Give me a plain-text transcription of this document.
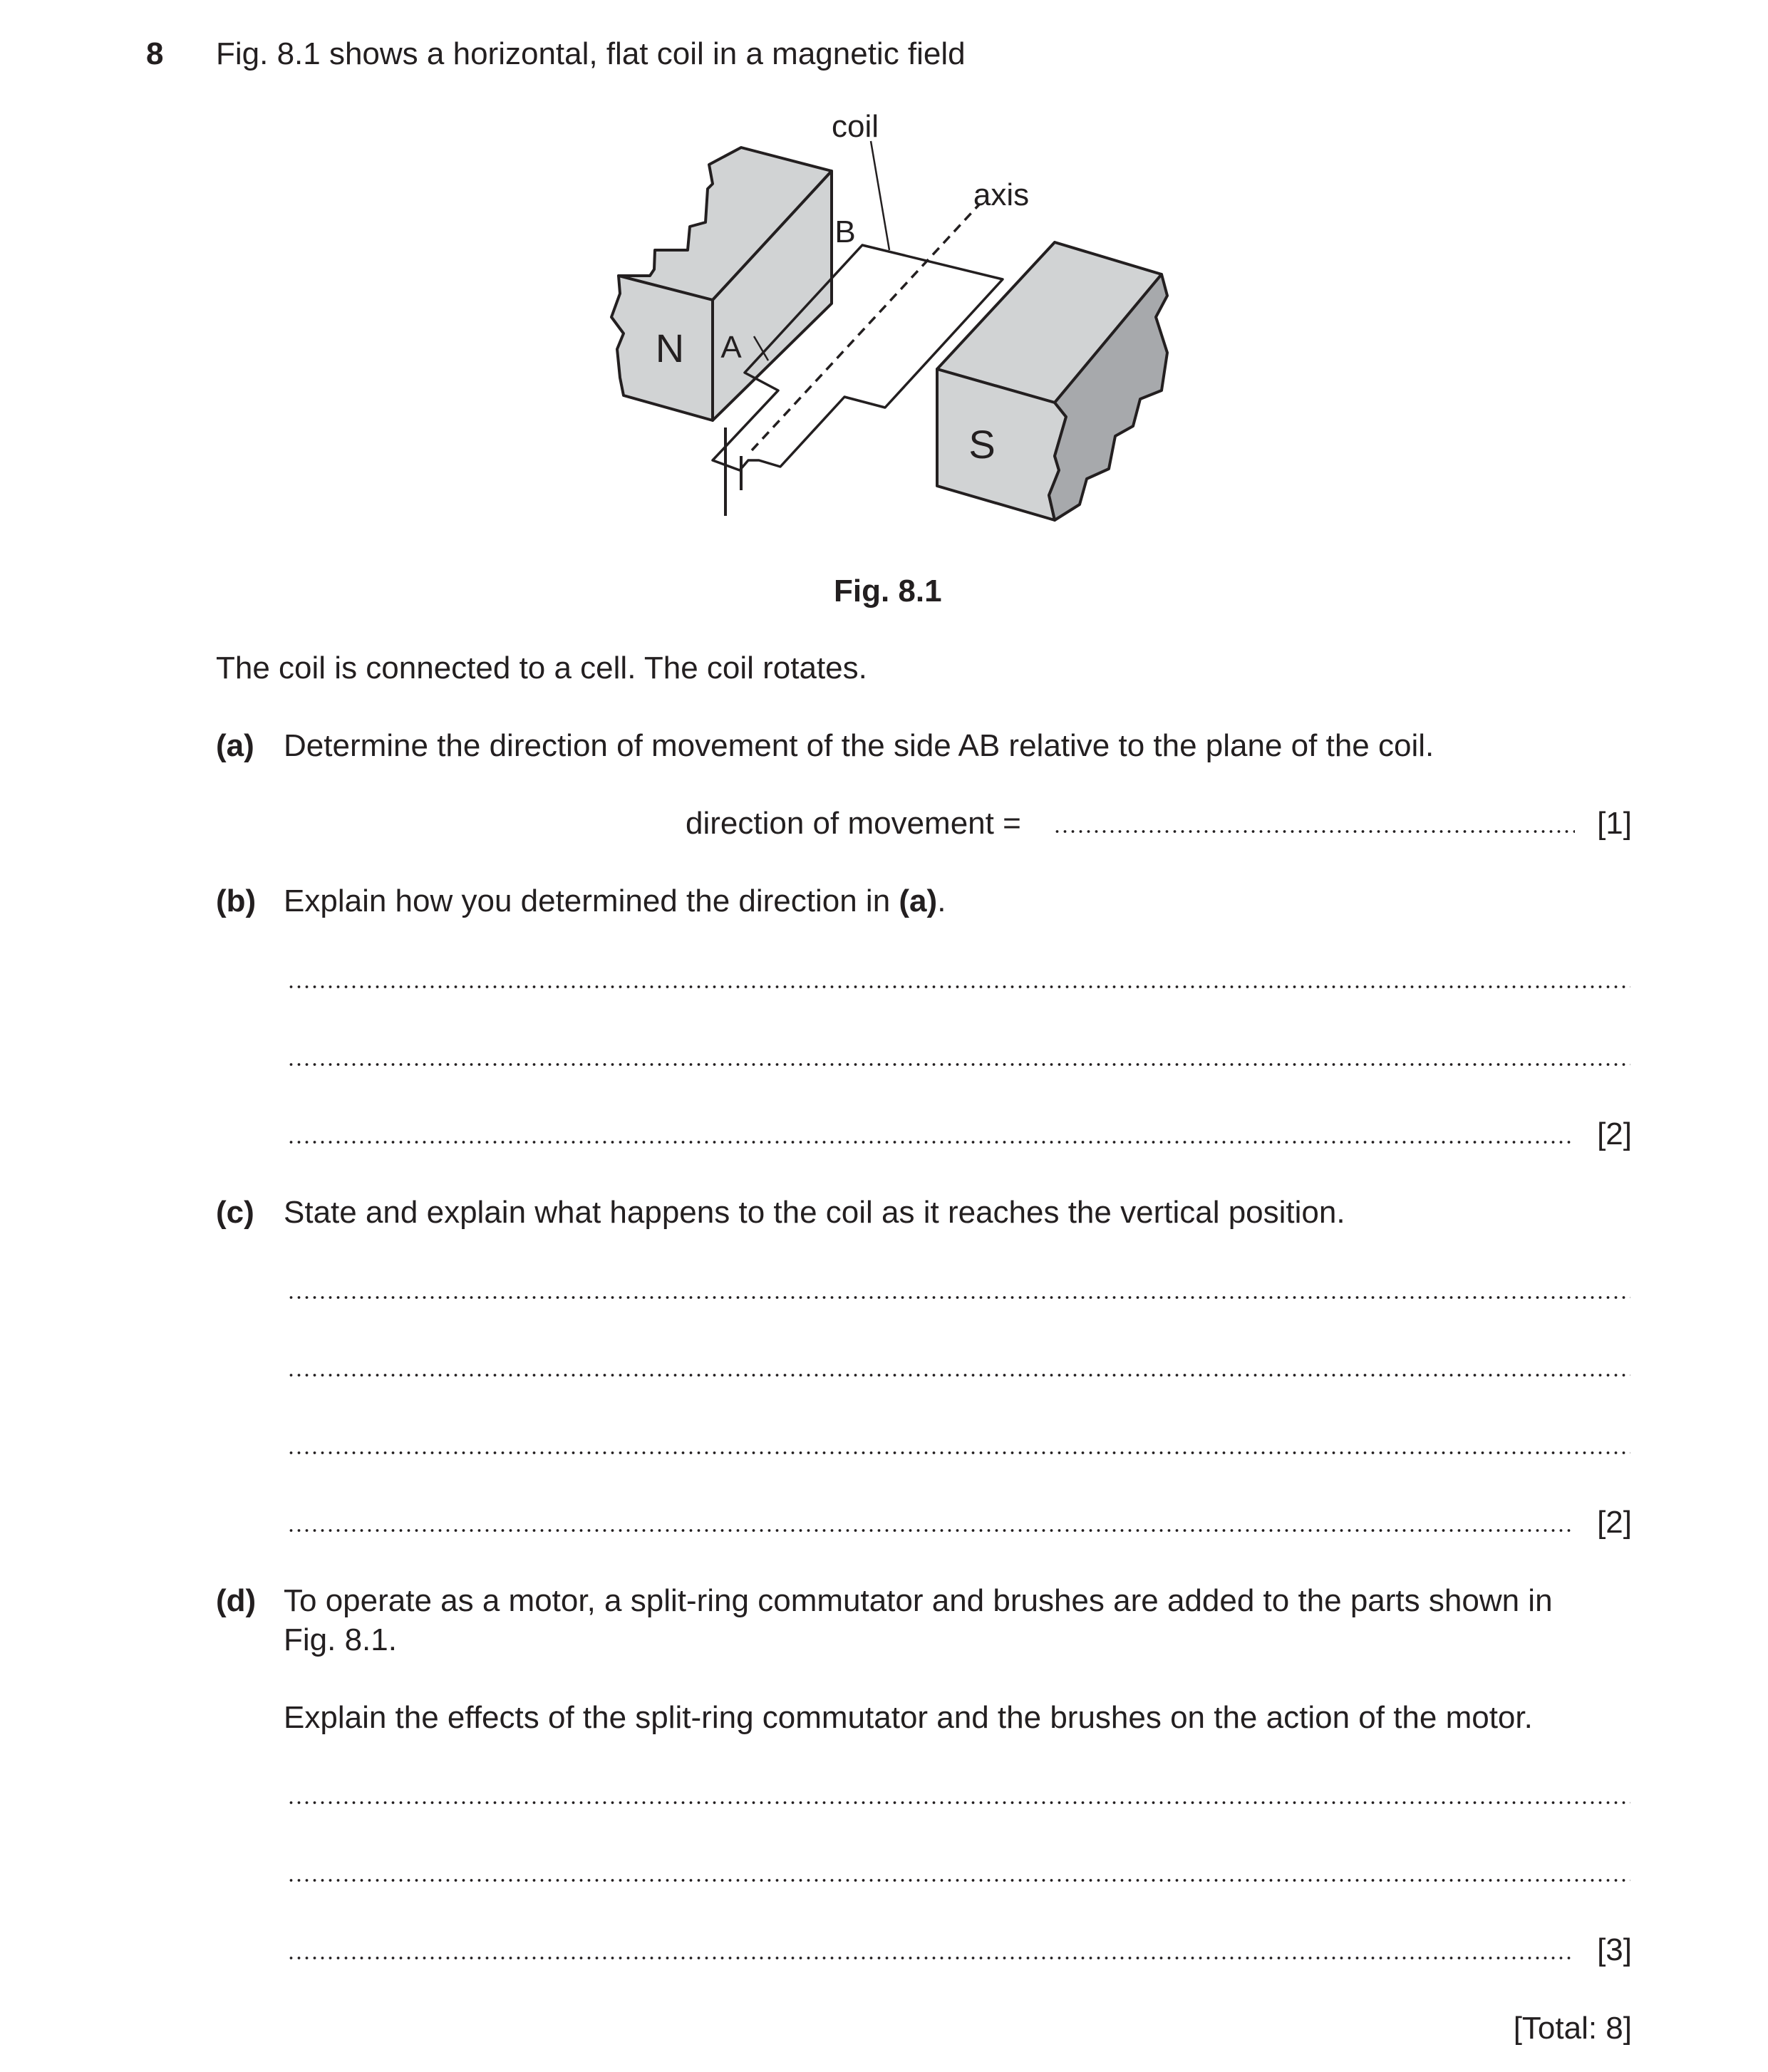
8 Fig. 8.1 shows a horizontal, flat coil in a magnetic field
coil
axis
B
A
N
S
Fig. 8.1
The coil is connected to a cell. The coil rotates.
(a) Determine the direction of movement of the side AB relative to the plane of the coil.
direction of movement =	[1]
(b) Explain how you determined the direction in (a).
[2]
(c) State and explain what happens to the coil as it reaches the vertical position.
[2]
(d) To operate as a motor, a split-ring commutator and brushes are added to the parts shown in
Fig. 8.1.
Explain the effects of the split-ring commutator and the brushes on the action of the motor.
[3]
[Total: 8]
